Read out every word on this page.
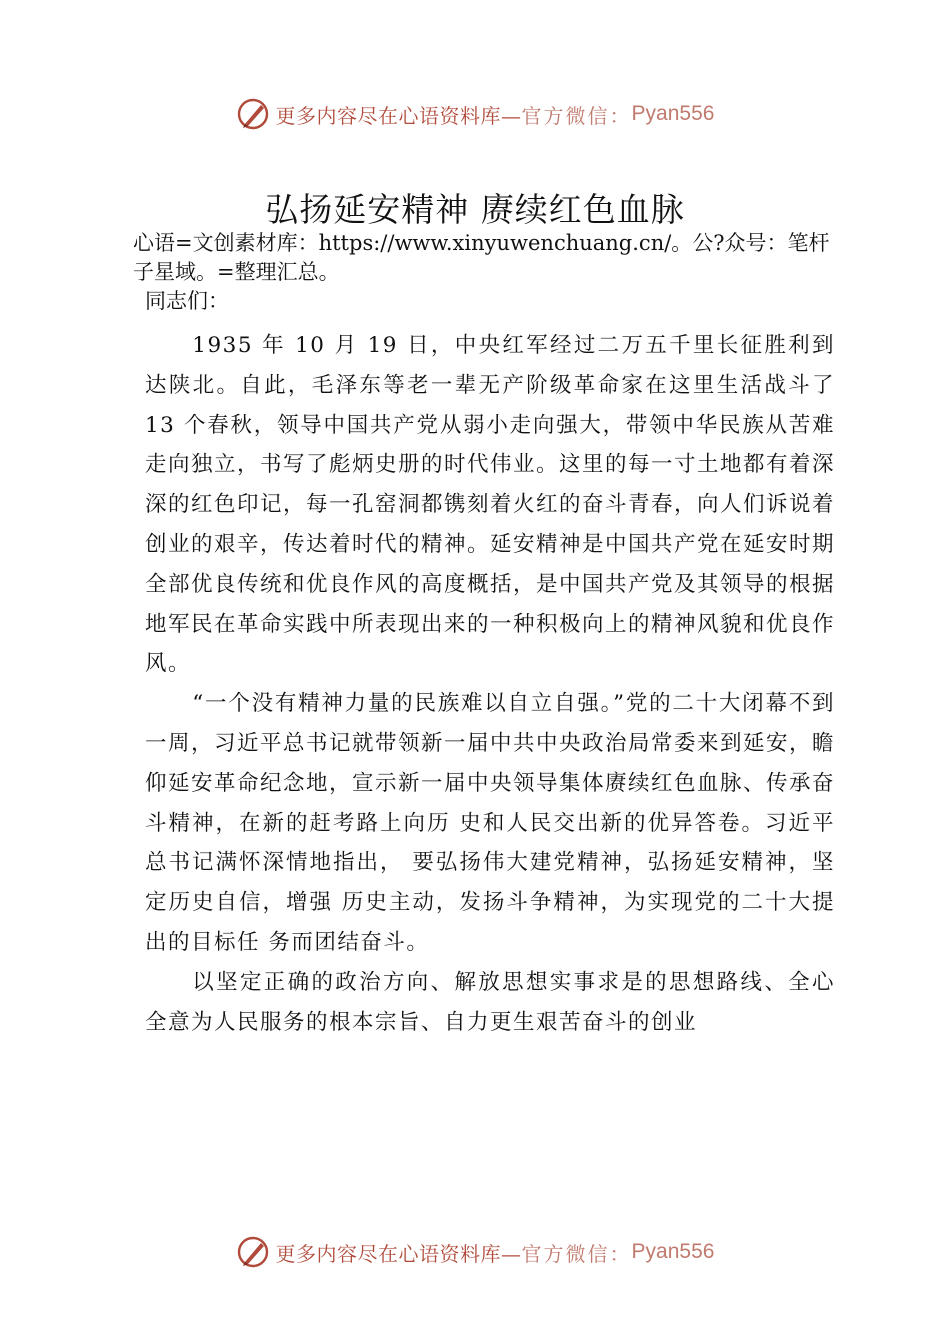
更多内容尽在心语资料库— 官方微信： Pyan556
弘扬延安精神 赓续红色血脉
心语=文创素材库：https://www.xinyuwenchuang.cn/。公?众号：笔杆子星域。=整理汇总。
同志们：

1935 年 10 月 19 日，中央红军经过二万五千里长征胜利到达陕北。自此，毛泽东等老一辈无产阶级革命家在这里生活战斗了 13 个春秋，领导中国共产党从弱小走向强大，带领中华民族从苦难走向独立，书写了彪炳史册的时代伟业。这里的每一寸土地都有着深深的红色印记，每一孔窑洞都镌刻着火红的奋斗青春，向人们诉说着创业的艰辛，传达着时代的精神。延安精神是中国共产党在延安时期全部优良传统和优良作风的高度概括，是中国共产党及其领导的根据地军民在革命实践中所表现出来的一种积极向上的精神风貌和优良作风。

“一个没有精神力量的民族难以自立自强。”党的二十大闭幕不到一周，习近平总书记就带领新一届中共中央政治局常委来到延安，瞻仰延安革命纪念地，宣示新一届中央领导集体赓续红色血脉、传承奋斗精神，在新的赶考路上向历 史和人民交出新的优异答卷。习近平总书记满怀深情地指出， 要弘扬伟大建党精神，弘扬延安精神，坚定历史自信，增强 历史主动，发扬斗争精神，为实现党的二十大提出的目标任 务而团结奋斗。

以坚定正确的政治方向、解放思想实事求是的思想路线、全心全意为人民服务的根本宗旨、自力更生艰苦奋斗的创业

更多内容尽在心语资料库— 官方微信： Pyan556
